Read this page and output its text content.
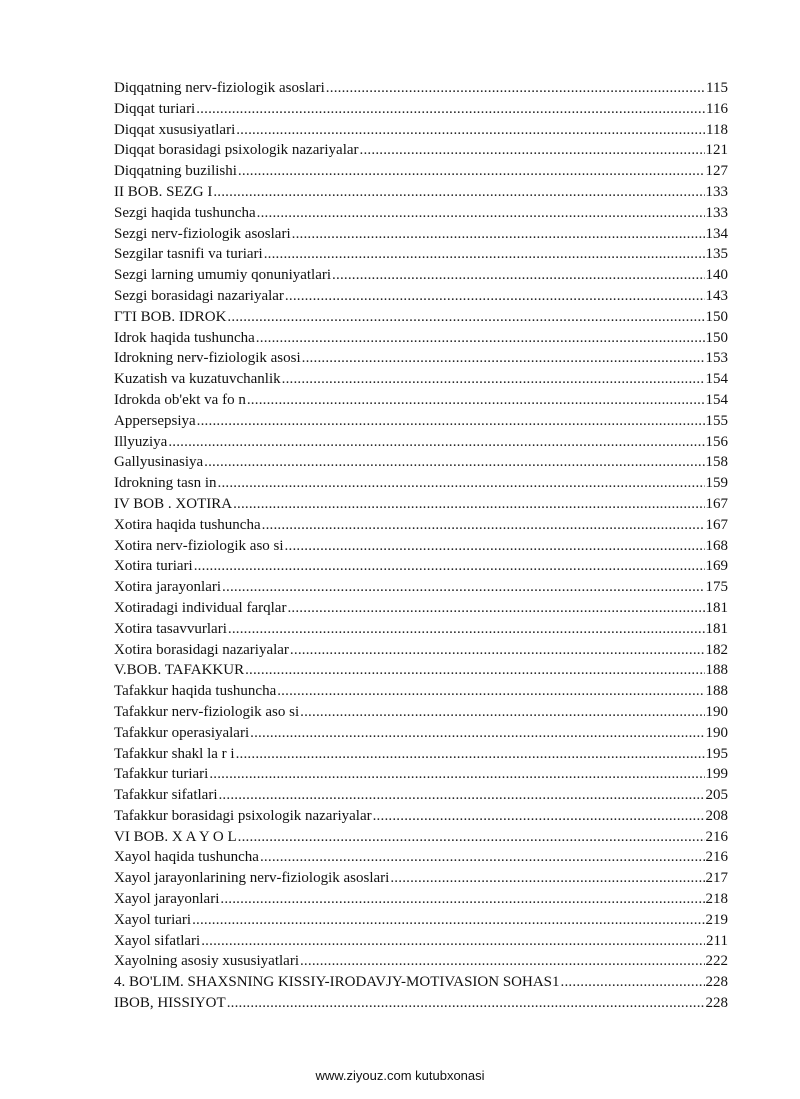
Diqqatning nerv-fiziologik asoslari .....	115
Diqqat turiari .....	116
Diqqat xususiyatlari .....	118
Diqqat borasidagi psixologik nazariyalar .....	121
Diqqatning buzilishi .....	127
II BOB. SEZG I .....	133
Sezgi haqida tushuncha .....	133
Sezgi nerv-fiziologik asoslari .....	134
Sezgilar tasnifi va turiari .....	135
Sezgi larning umumiy qonuniyatlari .....	140
Sezgi borasidagi nazariyalar .....	143
ГТI BOB. IDROK .....	150
Idrok haqida tushuncha .....	150
Idrokning nerv-fiziologik asosi .....	153
Kuzatish va kuzatuvchanlik .....	154
Idrokda ob'ekt va fo n .....	154
Appersepsiya .....	155
Illyuziya .....	156
Gallyusinasiya .....	158
Idrokning tasn in .....	159
IV BOB . XOTIRA .....	167
Xotira haqida tushuncha .....	167
Xotira nerv-fiziologik aso si .....	168
Xotira turiari .....	169
Xotira jarayonlari .....	175
Xotiradagi individual farqlar .....	181
Xotira tasavvurlari .....	181
Xotira borasidagi nazariyalar .....	182
V.BOB. TAFAKKUR .....	188
Tafakkur haqida tushuncha .....	188
Tafakkur nerv-fiziologik aso si .....	190
Tafakkur operasiyalari .....	190
Tafakkur shakl la r i .....	195
Tafakkur turiari .....	199
Tafakkur sifatlari .....	205
Tafakkur borasidagi psixologik nazariyalar .....	208
VI BOB. X A Y O L .....	216
Xayol haqida tushuncha .....	216
Xayol jarayonlarining nerv-fiziologik asoslari .....	217
Xayol jarayonlari .....	218
Xayol turiari .....	219
Xayol sifatlari .....	211
Xayolning asosiy xususiyatlari .....	222
4. BO'LIM. SHAXSNING KISSIY-IRODAVJY-MOTIVASION SOHAS1 .....	228
IBOB, HISSIYOT .....	228
www.ziyouz.com kutubxonasi
